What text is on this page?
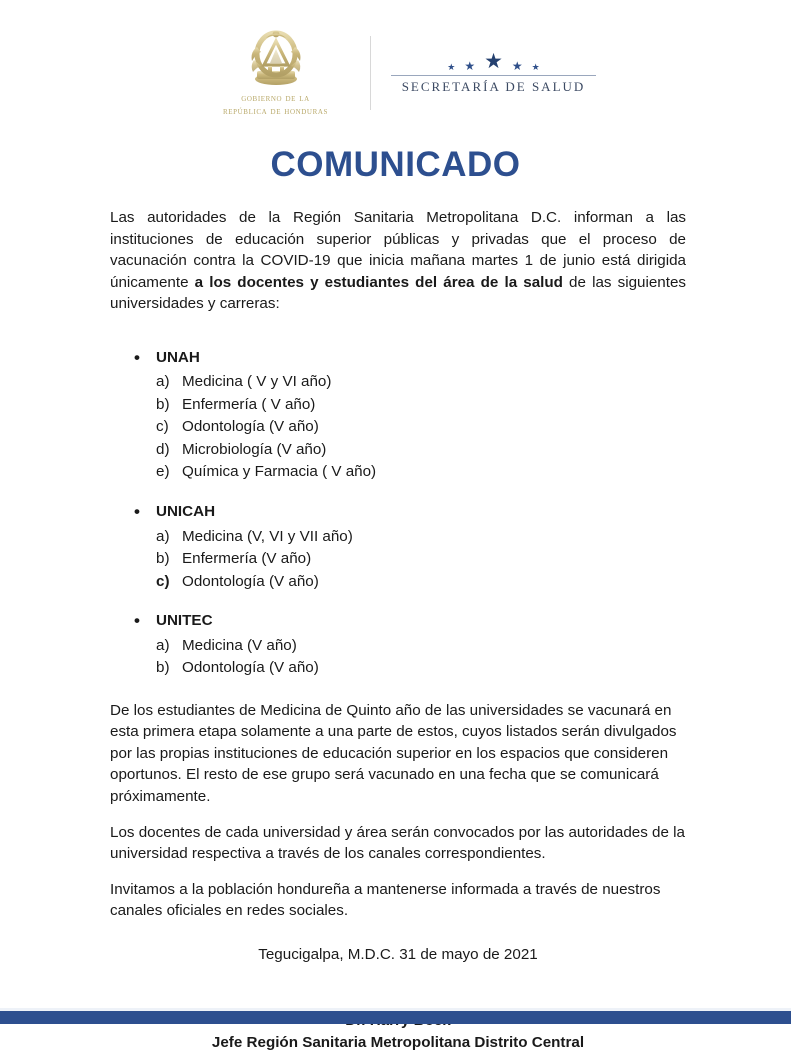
gobierno de la
república de honduras
★ ★ ★ ★ ★
SECRETARÍA DE SALUD
COMUNICADO

Las autoridades de la Región Sanitaria Metropolitana D.C. informan a las instituciones de educación superior públicas y privadas que el proceso de vacunación contra la COVID-19 que inicia mañana martes 1 de junio está dirigida únicamente a los docentes y estudiantes del área de la salud de las siguientes universidades y carreras:

• UNAH
a) Medicina ( V y VI año)
b) Enfermería ( V año)
c) Odontología (V año)
d) Microbiología (V año)
e) Química y Farmacia ( V año)
• UNICAH
a) Medicina (V, VI y VII año)
b) Enfermería (V año)
c) Odontología (V año)
• UNITEC
a) Medicina (V año)
b) Odontología (V año)

De los estudiantes de Medicina de Quinto año de las universidades se vacunará en esta primera etapa solamente a una parte de estos, cuyos listados serán divulgados por las propias instituciones de educación superior en los espacios que consideren oportunos. El resto de ese grupo será vacunado en una fecha que se comunicará próximamente.

Los docentes de cada universidad y área serán convocados por las autoridades de la universidad respectiva a través de los canales correspondientes.

Invitamos a la población hondureña a mantenerse informada a través de nuestros canales oficiales en redes sociales.

Tegucigalpa, M.D.C. 31 de mayo de 2021
Jefe Región Sanitaria Metropolitana Distrito Central
